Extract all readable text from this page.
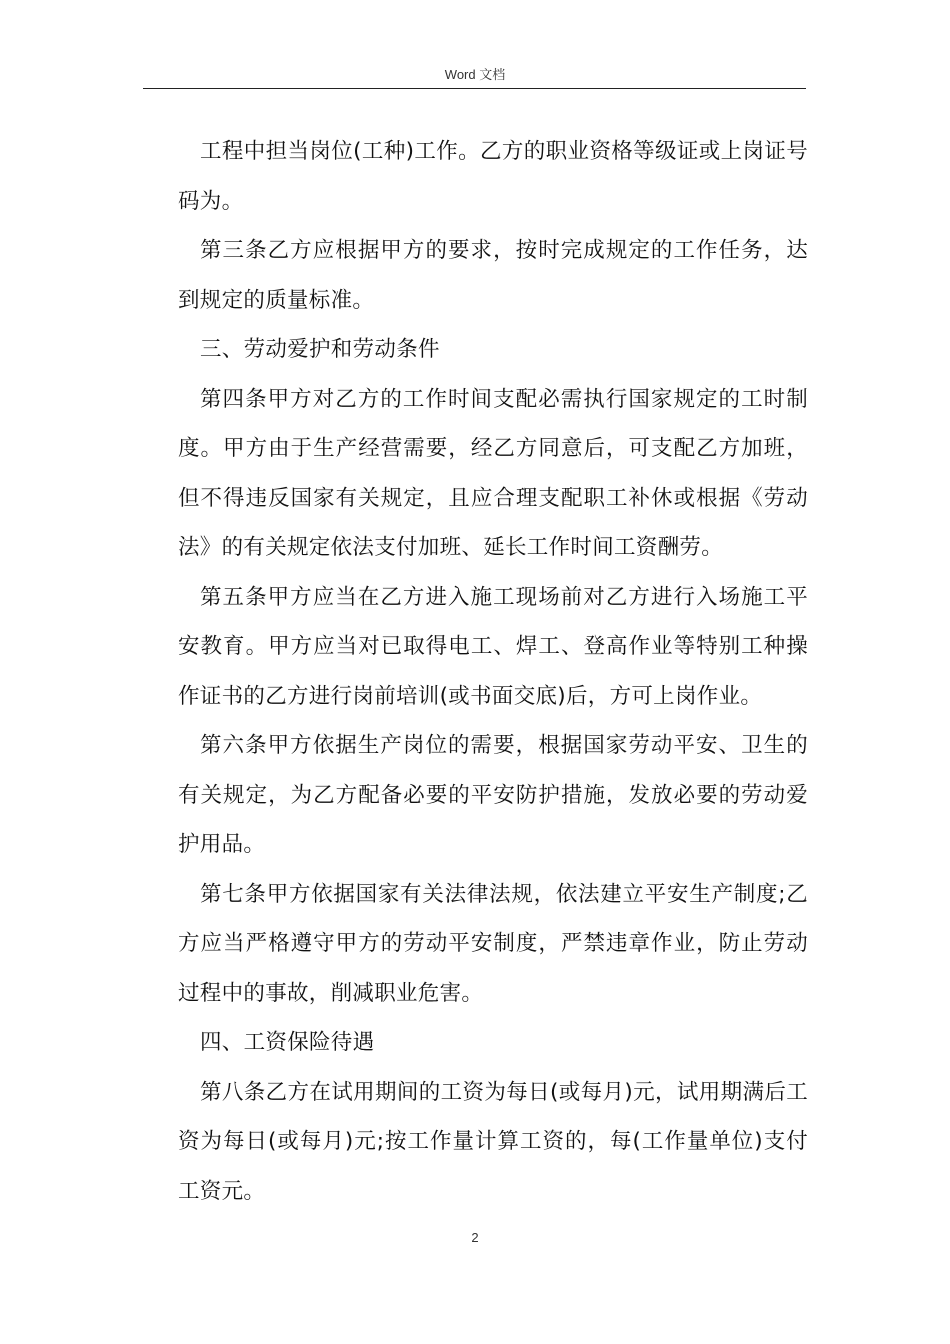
Word 文档

工程中担当岗位(工种)工作。乙方的职业资格等级证或上岗证号码为。

第三条乙方应根据甲方的要求，按时完成规定的工作任务，达到规定的质量标准。

三、劳动爱护和劳动条件

第四条甲方对乙方的工作时间支配必需执行国家规定的工时制度。甲方由于生产经营需要，经乙方同意后，可支配乙方加班，但不得违反国家有关规定，且应合理支配职工补休或根据《劳动法》的有关规定依法支付加班、延长工作时间工资酬劳。

第五条甲方应当在乙方进入施工现场前对乙方进行入场施工平安教育。甲方应当对已取得电工、焊工、登高作业等特别工种操作证书的乙方进行岗前培训(或书面交底)后，方可上岗作业。

第六条甲方依据生产岗位的需要，根据国家劳动平安、卫生的有关规定，为乙方配备必要的平安防护措施，发放必要的劳动爱护用品。

第七条甲方依据国家有关法律法规，依法建立平安生产制度;乙方应当严格遵守甲方的劳动平安制度，严禁违章作业，防止劳动过程中的事故，削减职业危害。

四、工资保险待遇

第八条乙方在试用期间的工资为每日(或每月)元，试用期满后工资为每日(或每月)元;按工作量计算工资的，每(工作量单位)支付工资元。

2
